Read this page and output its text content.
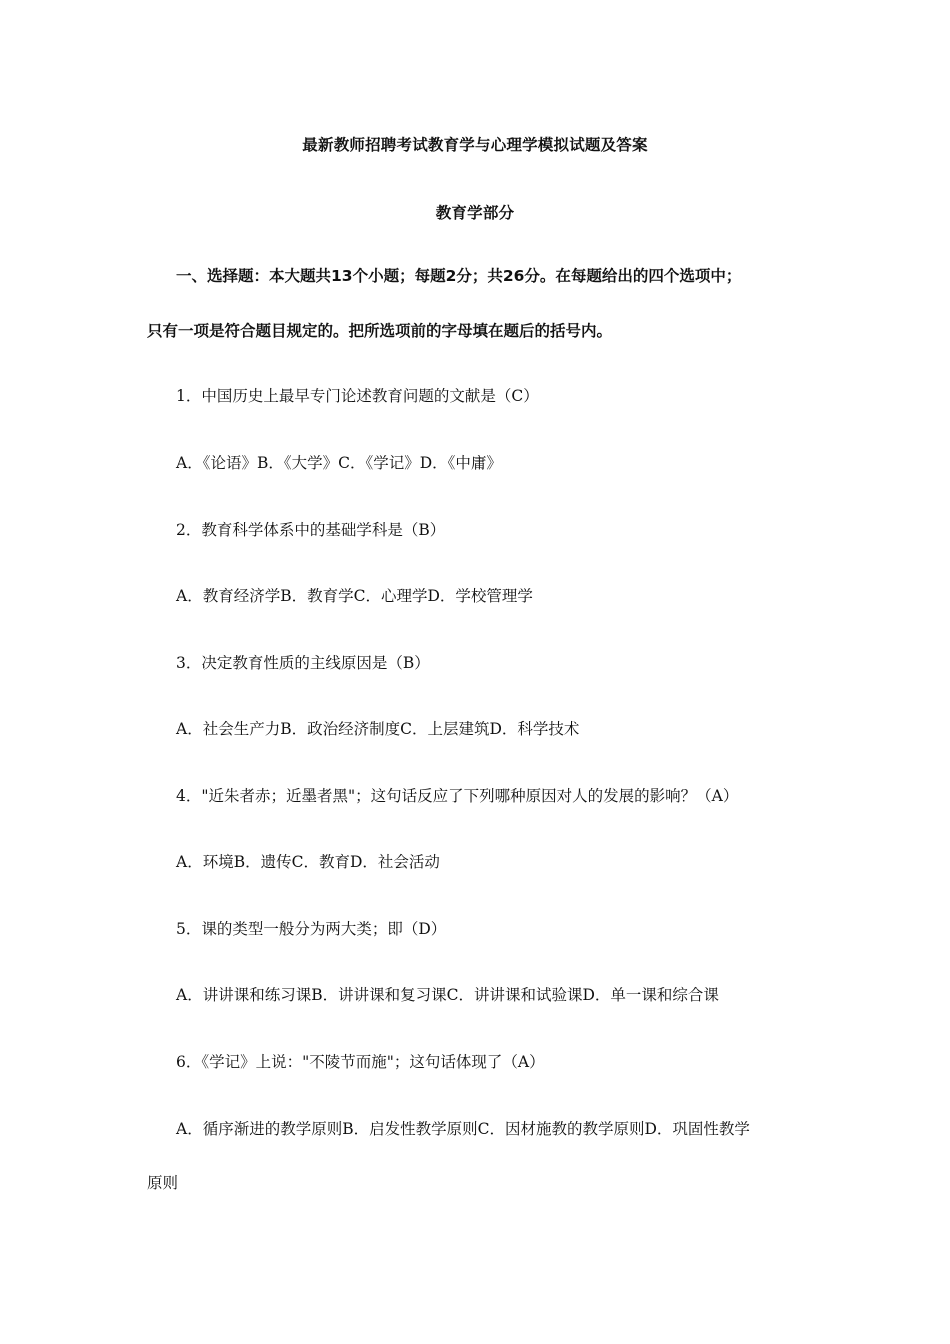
最新教师招聘考试教育学与心理学模拟试题及答案
教育学部分
一、选择题：本大题共13个小题；每题2分；共26分。在每题给出的四个选项中；
只有一项是符合题目规定的。把所选项前的字母填在题后的括号内。
1．中国历史上最早专门论述教育问题的文献是（C）
A．《论语》B．《大学》C．《学记》D．《中庸》
2．教育科学体系中的基础学科是（B）
A．教育经济学B．教育学C．心理学D．学校管理学
3．决定教育性质的主线原因是（B）
A．社会生产力B．政治经济制度C．上层建筑D．科学技术
4．"近朱者赤；近墨者黑"；这句话反应了下列哪种原因对人的发展的影响？（A）
A．环境B．遗传C．教育D．社会活动
5．课的类型一般分为两大类；即（D）
A．讲讲课和练习课B．讲讲课和复习课C．讲讲课和试验课D．单一课和综合课
6．《学记》上说："不陵节而施"；这句话体现了（A）
A．循序渐进的教学原则B．启发性教学原则C．因材施教的教学原则D．巩固性教学
原则
